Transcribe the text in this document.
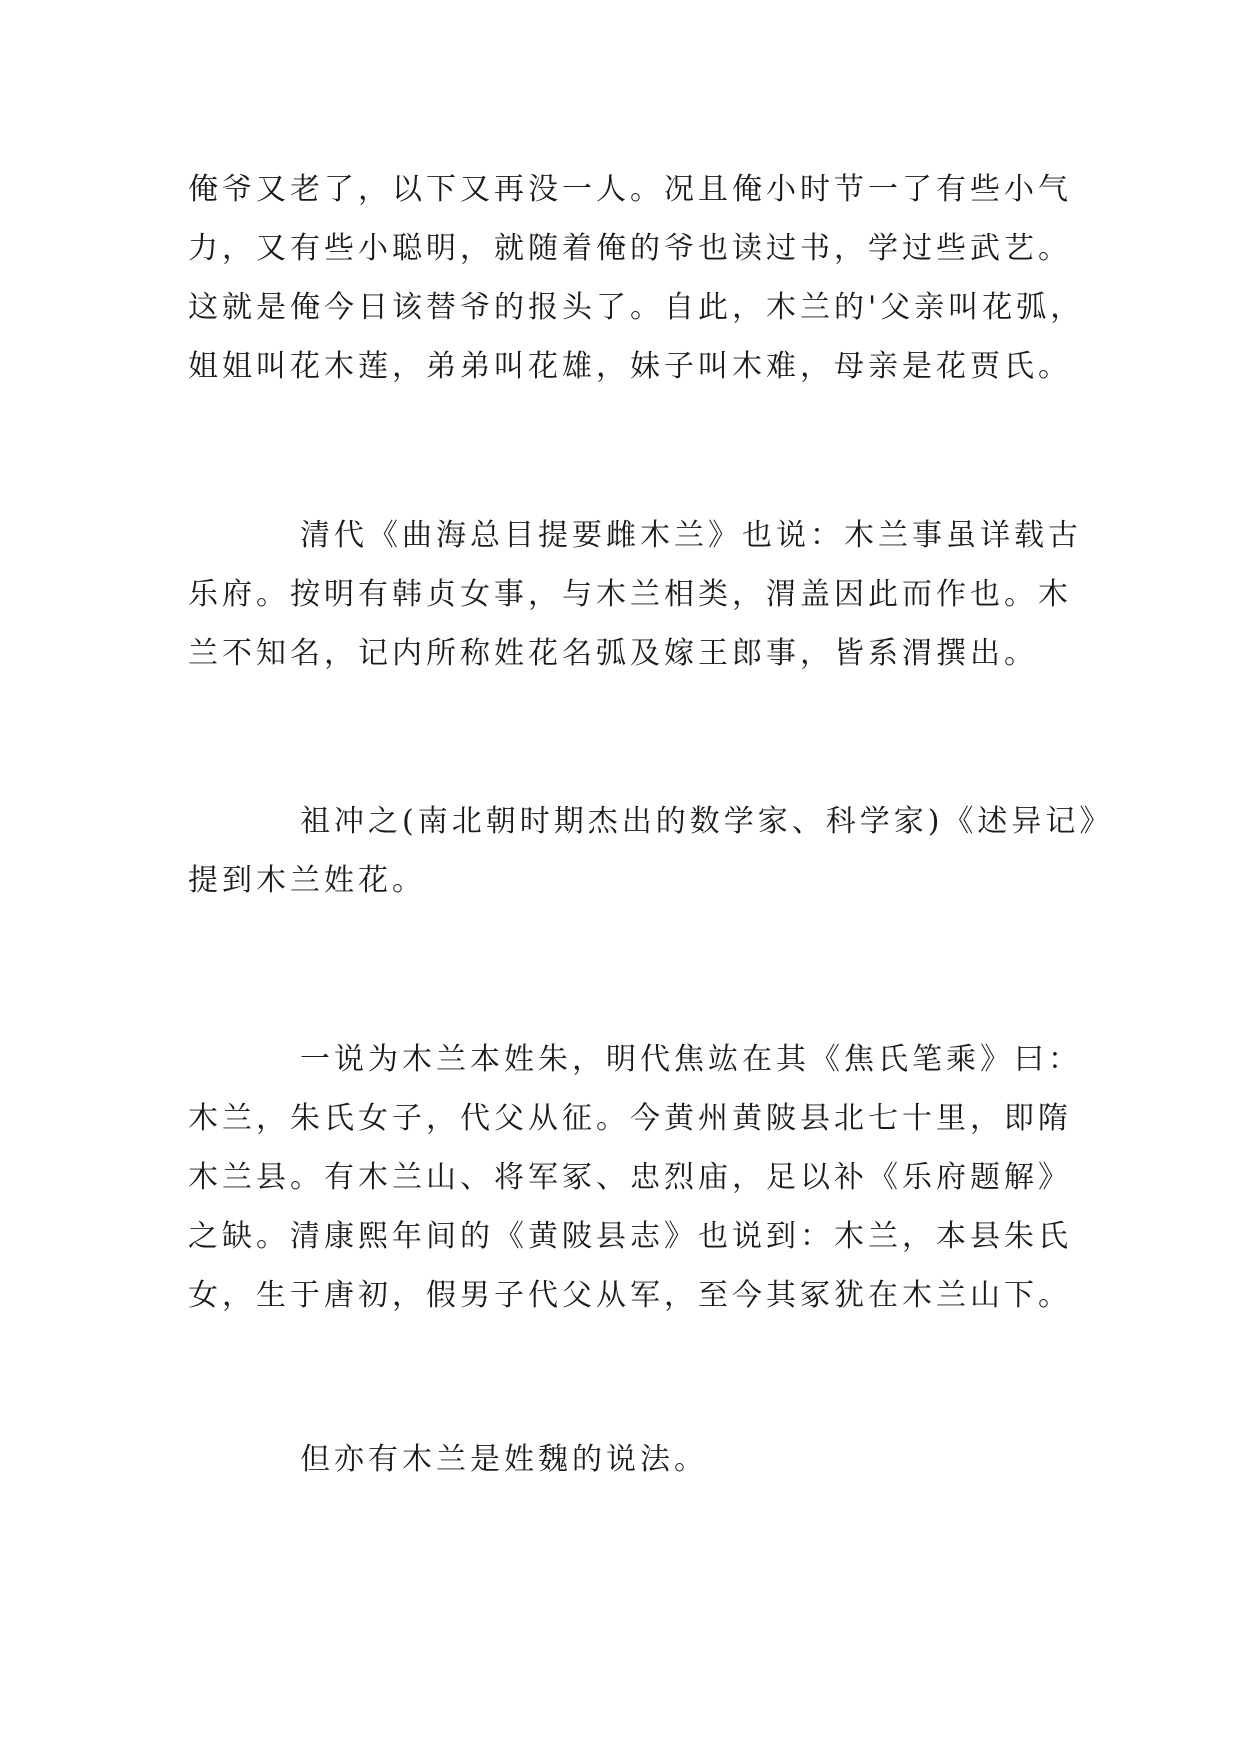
俺爷又老了，以下又再没一人。况且俺小时节一了有些小气
力，又有些小聪明，就随着俺的爷也读过书，学过些武艺。
这就是俺今日该替爷的报头了。自此，木兰的'父亲叫花弧，
姐姐叫花木莲，弟弟叫花雄，妹子叫木难，母亲是花贾氏。

清代《曲海总目提要雌木兰》也说：木兰事虽详载古
乐府。按明有韩贞女事，与木兰相类，渭盖因此而作也。木
兰不知名，记内所称姓花名弧及嫁王郎事，皆系渭撰出。

祖冲之(南北朝时期杰出的数学家、科学家)《述异记》
提到木兰姓花。

一说为木兰本姓朱，明代焦竑在其《焦氏笔乘》曰：
木兰，朱氏女子，代父从征。今黄州黄陂县北七十里，即隋
木兰县。有木兰山、将军冢、忠烈庙，足以补《乐府题解》
之缺。清康熙年间的《黄陂县志》也说到：木兰，本县朱氏
女，生于唐初，假男子代父从军，至今其冢犹在木兰山下。

但亦有木兰是姓魏的说法。
